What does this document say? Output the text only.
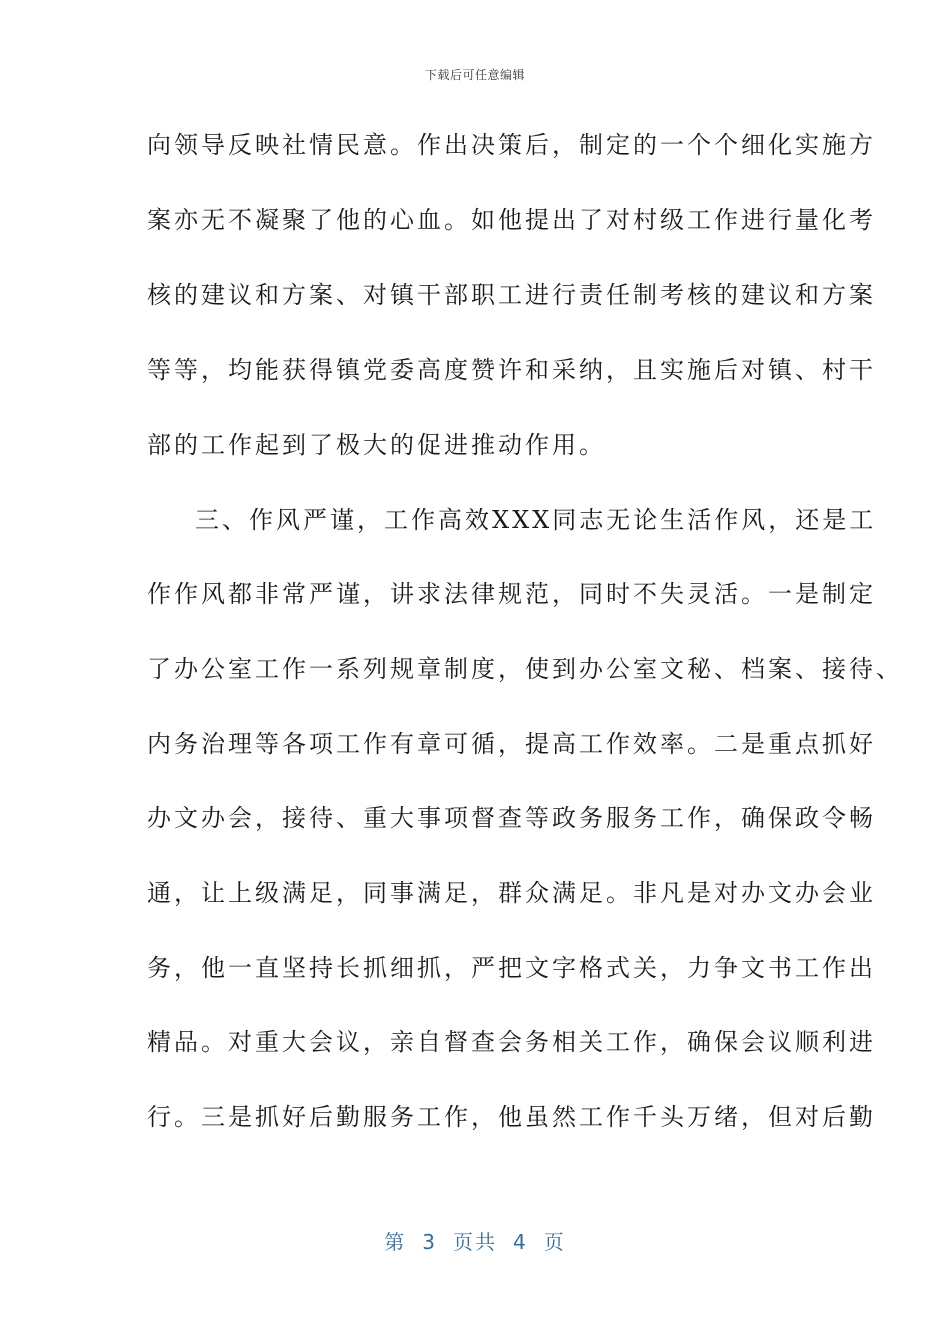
下载后可任意编辑
向领导反映社情民意。作出决策后，制定的一个个细化实施方
案亦无不凝聚了他的心血。如他提出了对村级工作进行量化考
核的建议和方案、对镇干部职工进行责任制考核的建议和方案
等等，均能获得镇党委高度赞许和采纳，且实施后对镇、村干
部的工作起到了极大的促进推动作用。
三、作风严谨，工作高效XXX同志无论生活作风，还是工
作作风都非常严谨，讲求法律规范，同时不失灵活。一是制定
了办公室工作一系列规章制度，使到办公室文秘、档案、接待、
内务治理等各项工作有章可循，提高工作效率。二是重点抓好
办文办会，接待、重大事项督查等政务服务工作，确保政令畅
通，让上级满足，同事满足，群众满足。非凡是对办文办会业
务，他一直坚持长抓细抓，严把文字格式关，力争文书工作出
精品。对重大会议，亲自督查会务相关工作，确保会议顺利进
行。三是抓好后勤服务工作，他虽然工作千头万绪，但对后勤
第 3 页共 4 页
